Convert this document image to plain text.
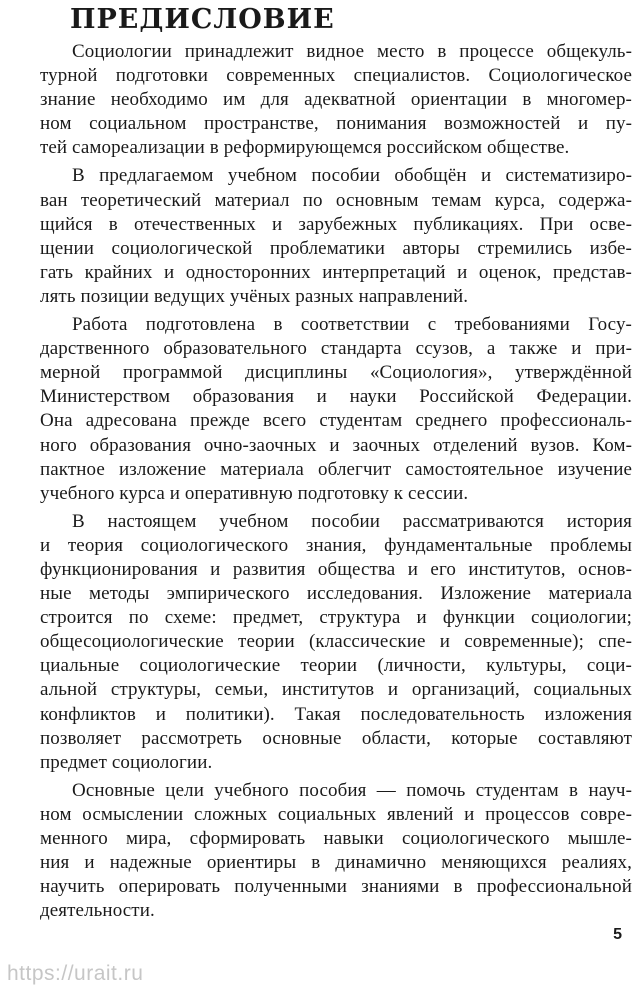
ПРЕДИСЛОВИЕ

Социологии принадлежит видное место в процессе общекуль-
турной подготовки современных специалистов. Социологическое
знание необходимо им для адекватной ориентации в многомер-
ном социальном пространстве, понимания возможностей и пу-
тей самореализации в реформирующемся российском обществе.

В предлагаемом учебном пособии обобщён и систематизиро-
ван теоретический материал по основным темам курса, содержа-
щийся в отечественных и зарубежных публикациях. При осве-
щении социологической проблематики авторы стремились избе-
гать крайних и односторонних интерпретаций и оценок, представ-
лять позиции ведущих учёных разных направлений.

Работа подготовлена в соответствии с требованиями Госу-
дарственного образовательного стандарта ссузов, а также и при-
мерной программой дисциплины «Социология», утверждённой
Министерством образования и науки Российской Федерации.
Она адресована прежде всего студентам среднего профессиональ-
ного образования очно-заочных и заочных отделений вузов. Ком-
пактное изложение материала облегчит самостоятельное изучение
учебного курса и оперативную подготовку к сессии.

В настоящем учебном пособии рассматриваются история
и теория социологического знания, фундаментальные проблемы
функционирования и развития общества и его институтов, основ-
ные методы эмпирического исследования. Изложение материала
строится по схеме: предмет, структура и функции социологии;
общесоциологические теории (классические и современные); спе-
циальные социологические теории (личности, культуры, соци-
альной структуры, семьи, институтов и организаций, социальных
конфликтов и политики). Такая последовательность изложения
позволяет рассмотреть основные области, которые составляют
предмет социологии.

Основные цели учебного пособия — помочь студентам в науч-
ном осмыслении сложных социальных явлений и процессов совре-
менного мира, сформировать навыки социологического мышле-
ния и надежные ориентиры в динамично меняющихся реалиях,
научить оперировать полученными знаниями в профессиональной
деятельности.

5
https://urait.ru
